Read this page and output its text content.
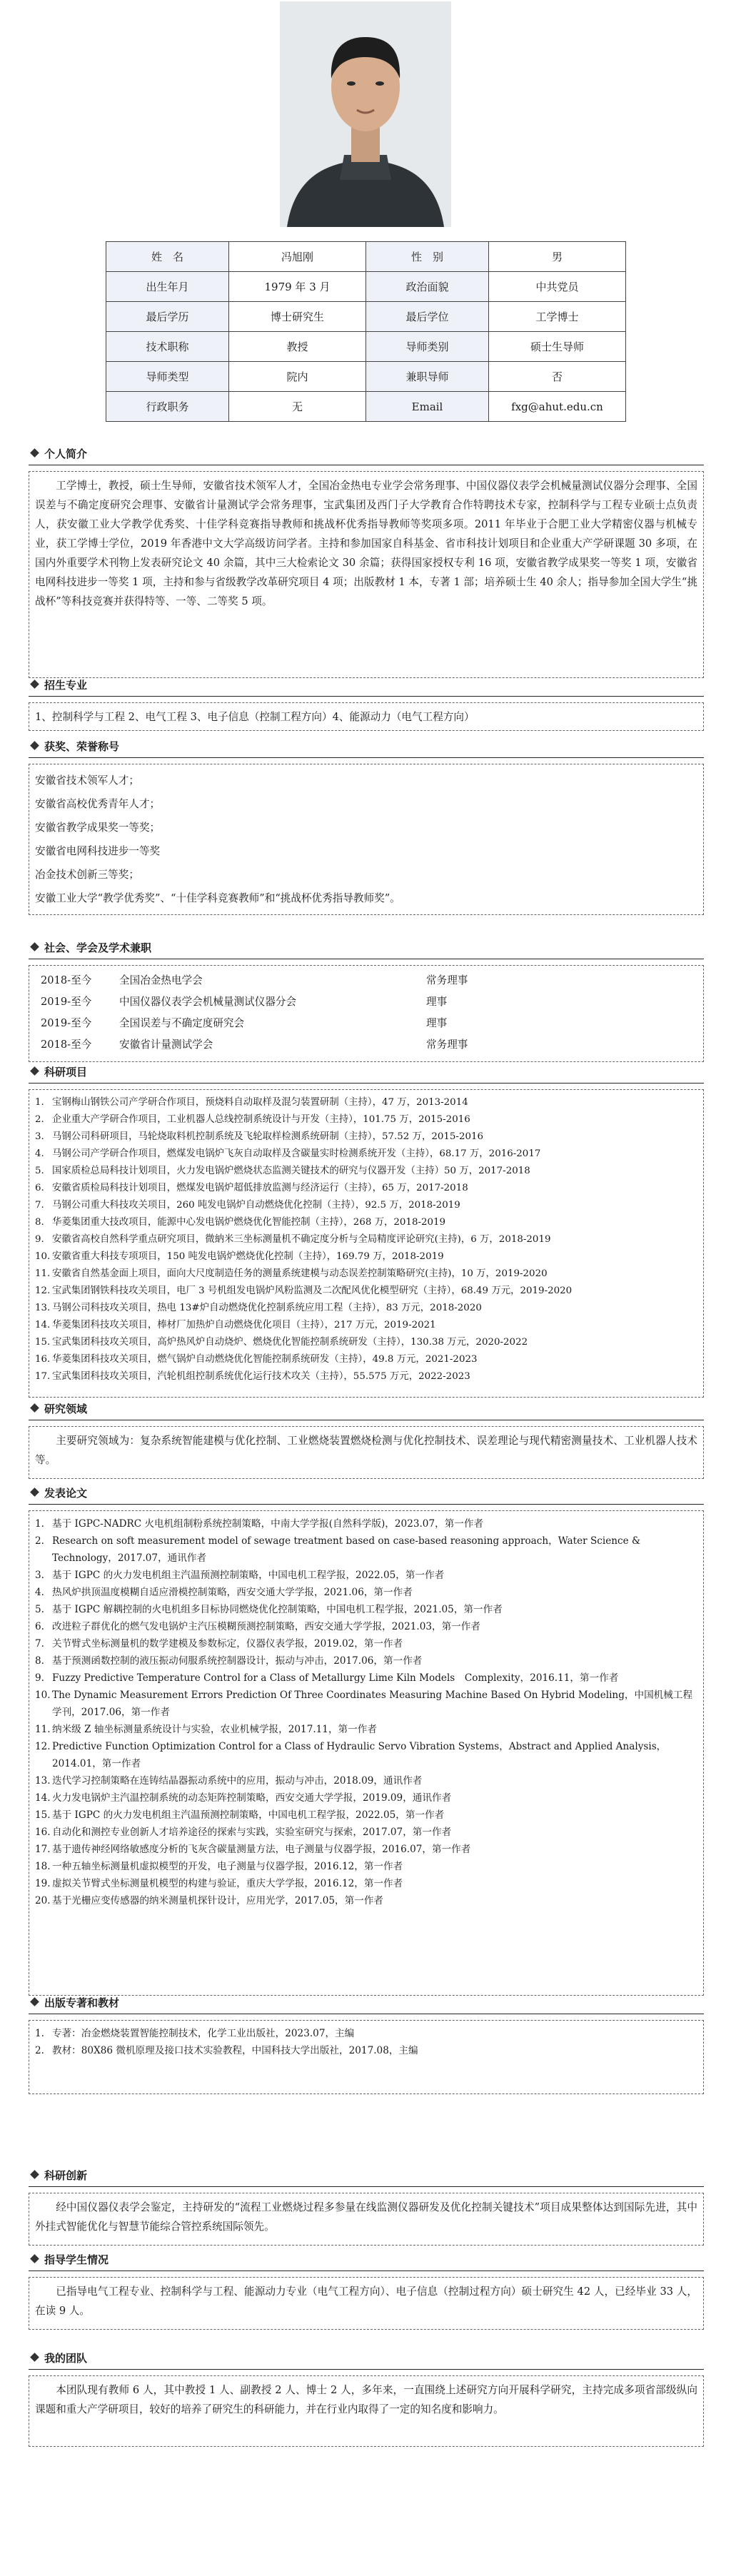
姓　名	冯旭刚	性　别	男
出生年月	1979 年 3 月	政治面貌	中共党员
最后学历	博士研究生	最后学位	工学博士
技术职称	教授	导师类别	硕士生导师
导师类型	院内	兼职导师	否
行政职务	无	Email	fxg@ahut.edu.cn
个人简介
工学博士，教授，硕士生导师，安徽省技术领军人才，全国冶金热电专业学会常务理事、中国仪器仪表学会机械量测试仪器分会理事、全国误差与不确定度研究会理事、安徽省计量测试学会常务理事，宝武集团及西门子大学教育合作特聘技术专家，控制科学与工程专业硕士点负责人，获安徽工业大学教学优秀奖、十佳学科竞赛指导教师和挑战杯优秀指导教师等奖项多项。2011 年毕业于合肥工业大学精密仪器与机械专业，获工学博士学位，2019 年香港中文大学高级访问学者。主持和参加国家自科基金、省市科技计划项目和企业重大产学研课题 30 多项，在国内外重要学术刊物上发表研究论文 40 余篇，其中三大检索论文 30 余篇；获得国家授权专利 16 项，安徽省教学成果奖一等奖 1 项，安徽省电网科技进步一等奖 1 项，主持和参与省级教学改革研究项目 4 项；出版教材 1 本，专著 1 部；培养硕士生 40 余人；指导参加全国大学生“挑战杯”等科技竞赛并获得特等、一等、二等奖 5 项。
招生专业
1、控制科学与工程 2、电气工程 3、电子信息（控制工程方向）4、能源动力（电气工程方向）
获奖、荣誉称号
安徽省技术领军人才；
安徽省高校优秀青年人才；
安徽省教学成果奖一等奖；
安徽省电网科技进步一等奖
冶金技术创新三等奖；
安徽工业大学“教学优秀奖”、“十佳学科竞赛教师”和“挑战杯优秀指导教师奖”。
社会、学会及学术兼职
2018-至今	全国冶金热电学会	常务理事
2019-至今	中国仪器仪表学会机械量测试仪器分会	理事
2019-至今	全国误差与不确定度研究会	理事
2018-至今	安徽省计量测试学会	常务理事
科研项目
1. 宝钢梅山钢铁公司产学研合作项目，预烧料自动取样及混匀装置研制（主持），47 万，2013-2014
2. 企业重大产学研合作项目，工业机器人总线控制系统设计与开发（主持），101.75 万，2015-2016
3. 马钢公司科研项目，马轮烧取料机控制系统及飞轮取样检测系统研制（主持），57.52 万，2015-2016
4. 马钢公司产学研合作项目，燃煤发电锅炉飞灰自动取样及含碳量实时检测系统开发（主持），68.17 万，2016-2017
5. 国家质检总局科技计划项目，火力发电锅炉燃烧状态监测关键技术的研究与仪器开发（主持）50 万，2017-2018
6. 安徽省质检局科技计划项目，燃煤发电锅炉超低排放监测与经济运行（主持），65 万，2017-2018
7. 马钢公司重大科技攻关项目，260 吨发电锅炉自动燃烧优化控制（主持），92.5 万，2018-2019
8. 华菱集团重大技改项目，能源中心发电锅炉燃烧优化智能控制（主持），268 万，2018-2019
9. 安徽省高校自然科学重点研究项目，微納米三坐标测量机不确定度分析与全局精度评论研究(主持)，6 万，2018-2019
10. 安徽省重大科技专项项目，150 吨发电锅炉燃烧优化控制（主持），169.79 万，2018-2019
11. 安徽省自然基金面上项目，面向大尺度制造任务的测量系统建模与动态误差控制策略研究(主持)，10 万，2019-2020
12. 宝武集团钢铁科技攻关项目，电厂 3 号机组发电锅炉风粉监测及二次配风优化模型研究（主持），68.49 万元，2019-2020
13. 马钢公司科技攻关项目，热电 13#炉自动燃烧优化控制系统应用工程（主持），83 万元，2018-2020
14. 华菱集团科技攻关项目，棒材厂加热炉自动燃烧优化项目（主持），217 万元，2019-2021
15. 宝武集团科技攻关项目，高炉热风炉自动烧炉、燃烧优化智能控制系统研发（主持），130.38 万元，2020-2022
16. 华菱集团科技攻关项目，燃气锅炉自动燃烧优化智能控制系统研发（主持），49.8 万元，2021-2023
17. 宝武集团科技攻关项目，汽轮机组控制系统优化运行技术攻关（主持），55.575 万元，2022-2023
研究领域
主要研究领域为：复杂系统智能建模与优化控制、工业燃烧装置燃烧检测与优化控制技术、误差理论与现代精密测量技术、工业机器人技术等。
发表论文
1. 基于 IGPC-NADRC 火电机组制粉系统控制策略，中南大学学报(自然科学版)，2023.07，第一作者
2. Research on soft measurement model of sewage treatment based on case-based reasoning approach，Water Science & Technology，2017.07，通讯作者
3. 基于 IGPC 的火力发电机组主汽温预测控制策略，中国电机工程学报，2022.05，第一作者
4. 热风炉拱顶温度模糊自适应滑模控制策略，西安交通大学学报，2021.06，第一作者
5. 基于 IGPC 解耦控制的火电机组多目标协同燃烧优化控制策略，中国电机工程学报，2021.05，第一作者
6. 改进粒子群优化的燃气发电锅炉主汽压模糊预测控制策略，西安交通大学学报，2021.03，第一作者
7. 关节臂式坐标测量机的数学建模及参数标定，仪器仪表学报，2019.02，第一作者
8. 基于预测函数控制的液压振动伺服系统控制器设计，振动与冲击，2017.06，第一作者
9. Fuzzy Predictive Temperature Control for a Class of Metallurgy Lime Kiln Models　Complexity，2016.11，第一作者
10. The Dynamic Measurement Errors Prediction Of Three Coordinates Measuring Machine Based On Hybrid Modeling，中国机械工程学刊，2017.06，第一作者
11. 纳米级 Z 轴坐标测量系统设计与实验，农业机械学报，2017.11，第一作者
12. Predictive Function Optimization Control for a Class of Hydraulic Servo Vibration Systems，Abstract and Applied Analysis，2014.01，第一作者
13. 迭代学习控制策略在连铸结晶器振动系统中的应用，振动与冲击，2018.09，通讯作者
14. 火力发电锅炉主汽温控制系统的动态矩阵控制策略，西安交通大学学报，2019.09，通讯作者
15. 基于 IGPC 的火力发电机组主汽温预测控制策略，中国电机工程学报，2022.05，第一作者
16. 自动化和测控专业创新人才培养途径的探索与实践，实验室研究与探索，2017.07，第一作者
17. 基于遗传神经网络敏感度分析的飞灰含碳量测量方法，电子测量与仪器学报，2016.07，第一作者
18. 一种五轴坐标测量机虚拟模型的开发，电子测量与仪器学报，2016.12，第一作者
19. 虚拟关节臂式坐标测量机模型的构建与验证，重庆大学学报，2016.12，第一作者
20. 基于光栅应变传感器的纳米测量机探针设计，应用光学，2017.05，第一作者
出版专著和教材
1. 专著：冶金燃烧装置智能控制技术，化学工业出版社，2023.07，主编
2. 教材：80X86 微机原理及接口技术实验教程，中国科技大学出版社，2017.08，主编
科研创新
经中国仪器仪表学会鉴定，主持研发的“流程工业燃烧过程多参量在线监测仪器研发及优化控制关键技术”项目成果整体达到国际先进，其中外挂式智能优化与智慧节能综合管控系统国际领先。
指导学生情况
已指导电气工程专业、控制科学与工程、能源动力专业（电气工程方向）、电子信息（控制过程方向）硕士研究生 42 人，已经毕业 33 人，在读 9 人。
我的团队
本团队现有教师 6 人，其中教授 1 人、副教授 2 人、博士 2 人，多年来，一直围绕上述研究方向开展科学研究，主持完成多项省部级纵向课题和重大产学研项目，较好的培养了研究生的科研能力，并在行业内取得了一定的知名度和影响力。
